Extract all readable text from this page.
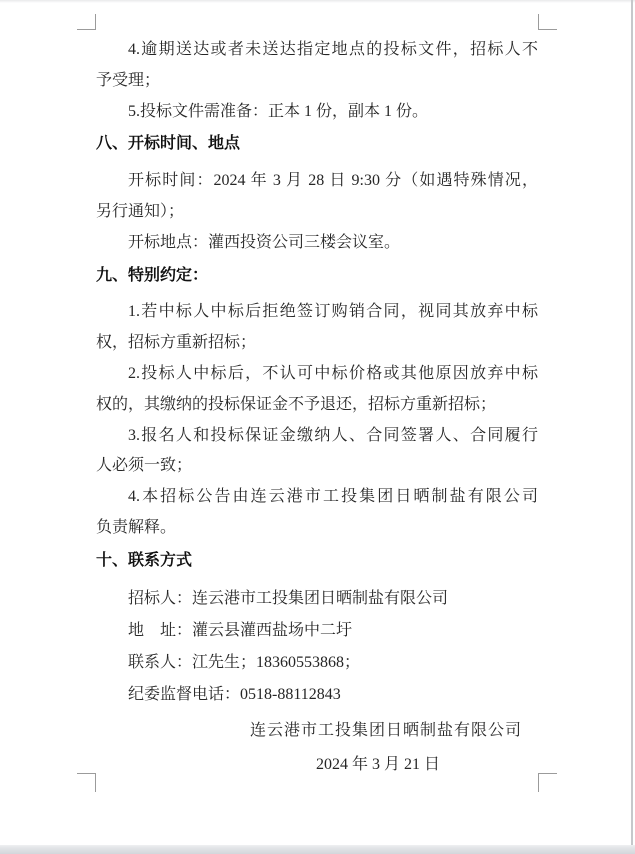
4.逾期送达或者未送达指定地点的投标文件，招标人不
予受理；
5.投标文件需准备：正本 1 份，副本 1 份。
八、开标时间、地点
开标时间：2024 年 3 月 28 日 9:30 分（如遇特殊情况，
另行通知）；
开标地点：灌西投资公司三楼会议室。
九、特别约定：
1.若中标人中标后拒绝签订购销合同，视同其放弃中标
权，招标方重新招标；
2.投标人中标后，不认可中标价格或其他原因放弃中标
权的，其缴纳的投标保证金不予退还，招标方重新招标；
3.报名人和投标保证金缴纳人、合同签署人、合同履行
人必须一致；
4.本招标公告由连云港市工投集团日晒制盐有限公司
负责解释。
十、联系方式
招标人：连云港市工投集团日晒制盐有限公司
地　址：灌云县灌西盐场中二圩
联系人：江先生；18360553868；
纪委监督电话：0518-88112843
连云港市工投集团日晒制盐有限公司
2024 年 3 月 21 日
